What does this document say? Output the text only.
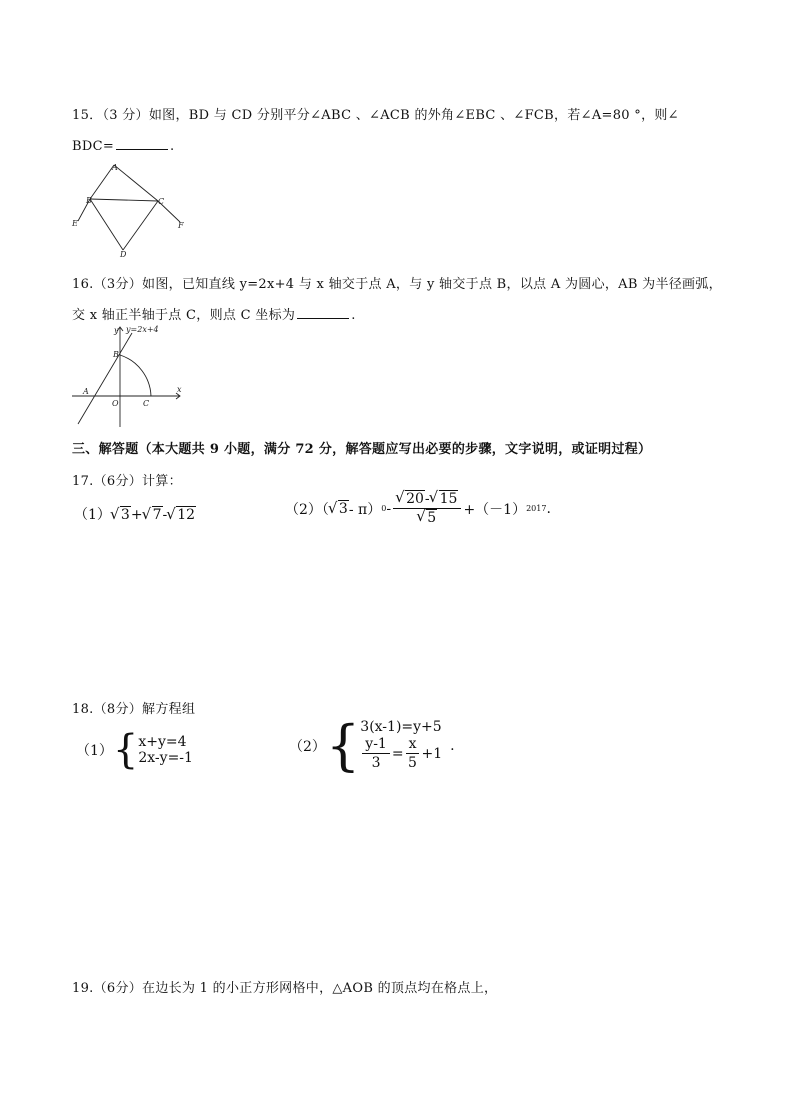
15．（3 分）如图，BD 与 CD 分别平分∠ABC 、∠ACB 的外角∠EBC 、∠FCB，若∠A=80 °，则∠
BDC=	.
A
B	C
D
E	F
16.（3分）如图，已知直线 y=2x+4 与 x 轴交于点 A，与 y 轴交于点 B，以点 A 为圆心，AB 为半径画弧，
交 x 轴正半轴于点 C，则点 C 坐标为	.
y y=2x+4
B
A
O	C
x
三、解答题（本大题共 9 小题，满分 72 分，解答题应写出必要的步骤，文字说明，或证明过程）
17.（6分）计算：
（1） √ 3+ √ 7- √ 12	（2）（ √ 3 - π） 0 - √ 20- √ 15
√ 5 +（－1） 2017 .
18.（8分）解方程组
（1） { x+y=4
2x-y=-1
（2） { 3(x-1)=y+5
$\frac{y-1}{3} = \frac{x}{5} +1$ .
19.（6分）在边长为 1 的小正方形网格中，△AOB 的顶点均在格点上，
